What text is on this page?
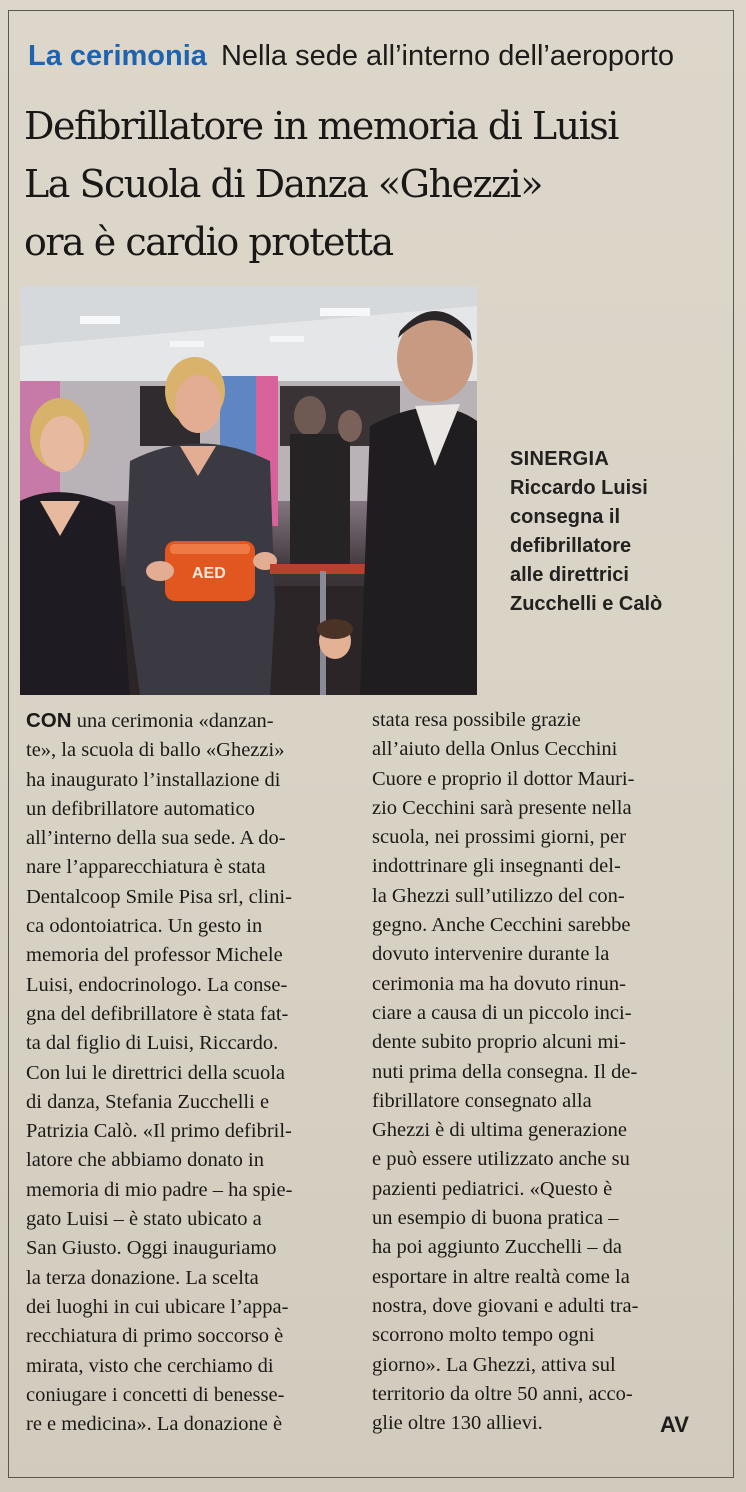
La cerimonia Nella sede all’interno dell’aeroporto
Defibrillatore in memoria di Luisi
La Scuola di Danza «Ghezzi»
ora è cardio protetta
AED
SINERGIA
Riccardo Luisi
consegna il
defibrillatore
alle direttrici
Zucchelli e Calò
CON una cerimonia «danzan-
te», la scuola di ballo «Ghezzi»
ha inaugurato l’installazione di
un defibrillatore automatico
all’interno della sua sede. A do-
nare l’apparecchiatura è stata
Dentalcoop Smile Pisa srl, clini-
ca odontoiatrica. Un gesto in
memoria del professor Michele
Luisi, endocrinologo. La conse-
gna del defibrillatore è stata fat-
ta dal figlio di Luisi, Riccardo.
Con lui le direttrici della scuola
di danza, Stefania Zucchelli e
Patrizia Calò. «Il primo defibril-
latore che abbiamo donato in
memoria di mio padre – ha spie-
gato Luisi – è stato ubicato a
San Giusto. Oggi inauguriamo
la terza donazione. La scelta
dei luoghi in cui ubicare l’appa-
recchiatura di primo soccorso è
mirata, visto che cerchiamo di
coniugare i concetti di benesse-
re e medicina». La donazione è
stata resa possibile grazie
all’aiuto della Onlus Cecchini
Cuore e proprio il dottor Mauri-
zio Cecchini sarà presente nella
scuola, nei prossimi giorni, per
indottrinare gli insegnanti del-
la Ghezzi sull’utilizzo del con-
gegno. Anche Cecchini sarebbe
dovuto intervenire durante la
cerimonia ma ha dovuto rinun-
ciare a causa di un piccolo inci-
dente subito proprio alcuni mi-
nuti prima della consegna. Il de-
fibrillatore consegnato alla
Ghezzi è di ultima generazione
e può essere utilizzato anche su
pazienti pediatrici. «Questo è
un esempio di buona pratica –
ha poi aggiunto Zucchelli – da
esportare in altre realtà come la
nostra, dove giovani e adulti tra-
scorrono molto tempo ogni
giorno». La Ghezzi, attiva sul
territorio da oltre 50 anni, acco-
glie oltre 130 allievi.	AV
